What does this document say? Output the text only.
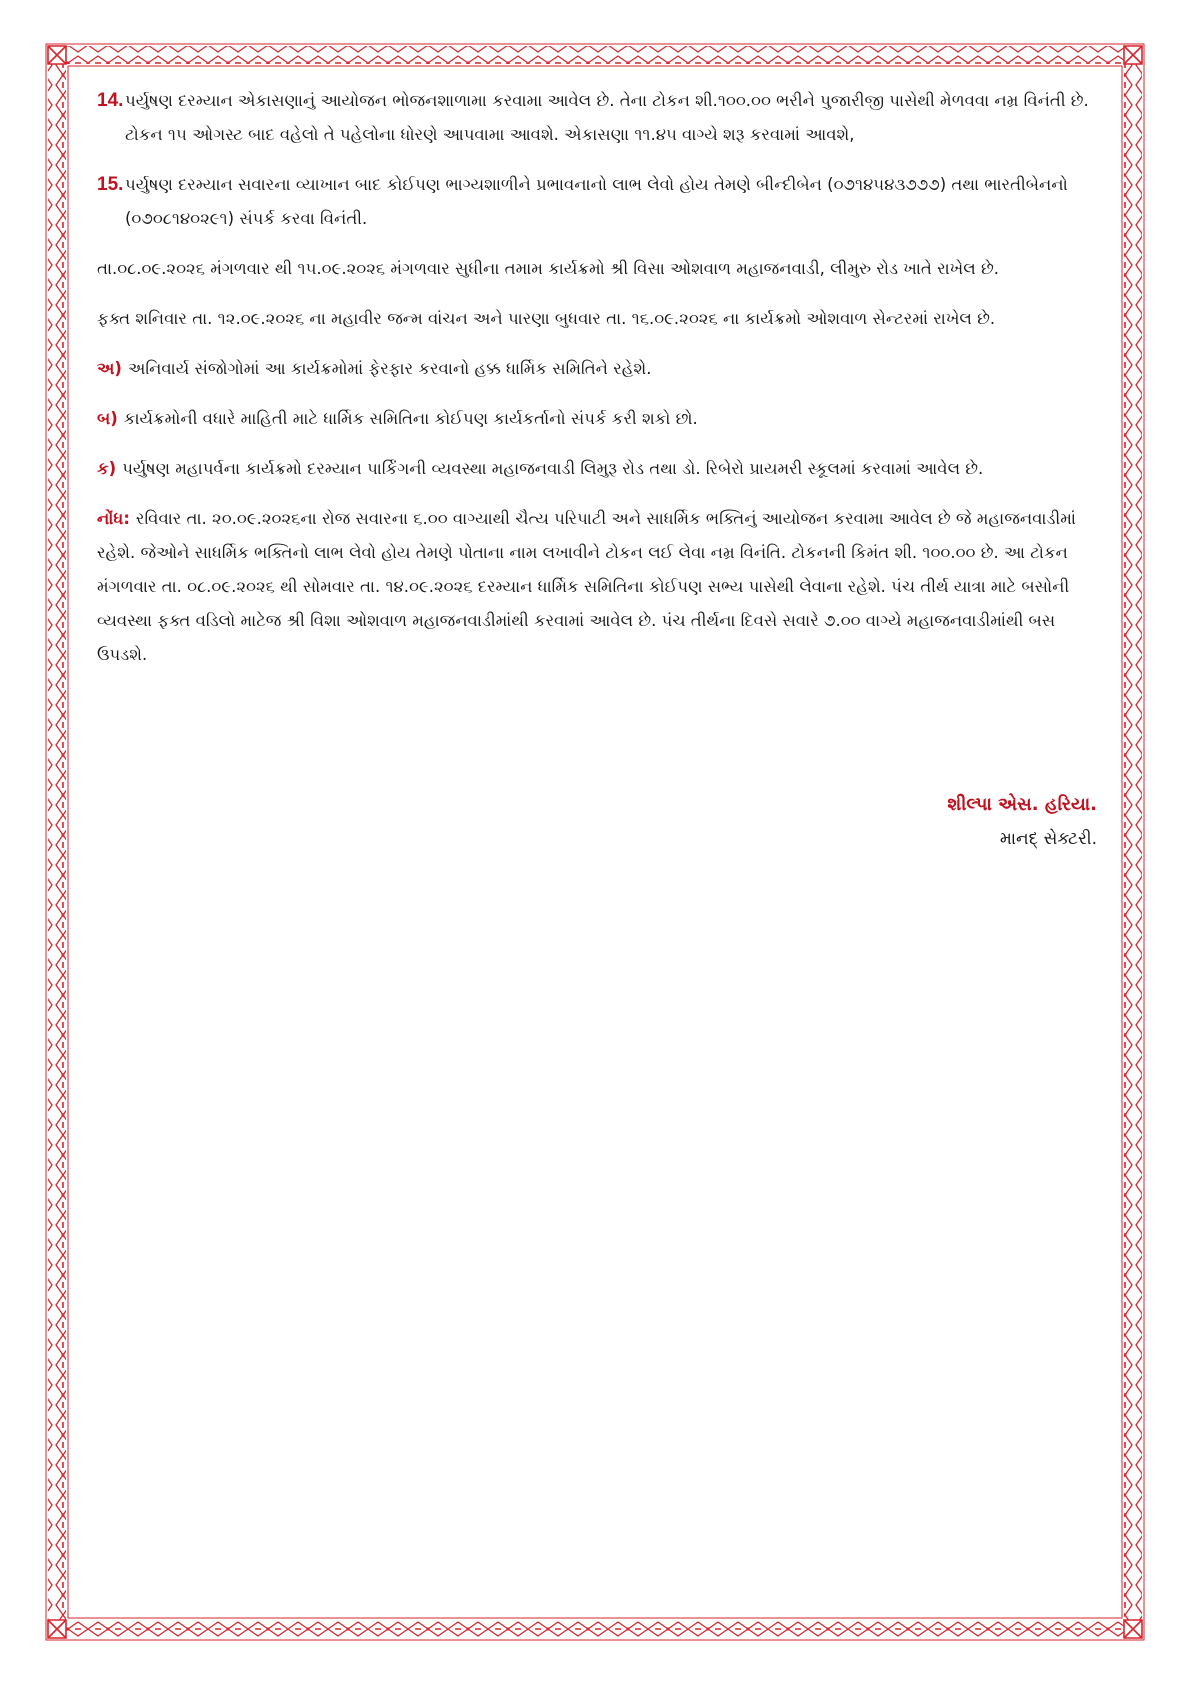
14. પર્યુષણ દરમ્યાન એકાસણાનું આયોજન ભોજનશાળામા કરવામા આવેલ છે. તેના ટોકન શી.૧૦૦.૦૦ ભરીને પુજારીજી પાસેથી મેળવવા નમ્ર વિનંતી છે. ટોકન ૧૫ ઓગસ્ટ બાદ વહેલો તે પહેલોના ધોરણે આપવામા આવશે. એકાસણા ૧૧.૪૫ વાગ્યે શરૂ કરવામાં આવશે,
15. પર્યુષણ દરમ્યાન સવારના વ્યાખાન બાદ કોઈપણ ભાગ્યશાળીને પ્રભાવનાનો લાભ લેવો હોય તેમણે બીન્દીબેન (૦૭૧૪૫૪૩૭૭૭) તથા ભારતીબેનનો (૦૭૦૮૧૪૦૨૯૧) સંપર્ક કરવા વિનંતી.

તા.૦૮.૦૯.૨૦૨૬ મંગળવાર થી ૧૫.૦૯.૨૦૨૬ મંગળવાર સુધીના તમામ કાર્યક્રમો શ્રી વિસા ઓશવાળ મહાજનવાડી, લીમુરુ રોડ ખાતે રાખેલ છે.

ફક્ત શનિવાર તા. ૧૨.૦૯.૨૦૨૬ ના મહાવીર જન્મ વાંચન અને પારણા બુધવાર તા. ૧૬.૦૯.૨૦૨૬ ના કાર્યક્રમો ઓશવાળ સેન્ટરમાં રાખેલ છે.

અ) અનિવાર્ય સંજોગોમાં આ કાર્યક્રમોમાં ફેરફાર કરવાનો હક્ક ધાર્મિક સમિતિને રહેશે.

બ) કાર્યક્રમોની વધારે માહિતી માટે ધાર્મિક સમિતિના કોઈપણ કાર્યકર્તાનો સંપર્ક કરી શકો છો.

ક) પર્યુષણ મહાપર્વના કાર્યક્રમો દરમ્યાન પાર્કિંગની વ્યવસ્થા મહાજનવાડી લિમુરૂ રોડ તથા ડો. રિબેરો પ્રાયમરી સ્કૂલમાં કરવામાં આવેલ છે.

નોંધ: રવિવાર તા. ૨૦.૦૯.૨૦૨૬ના રોજ સવારના ૬.૦૦ વાગ્યાથી ચૈત્ય પરિપાટી અને સાધર્મિક ભક્તિનું આયોજન કરવામા આવેલ છે જે મહાજનવાડીમાં રહેશે. જેઓને સાધર્મિક ભક્તિનો લાભ લેવો હોય તેમણે પોતાના નામ લખાવીને ટોકન લઈ લેવા નમ્ર વિનંતિ. ટોકનની કિમંત શી. ૧૦૦.૦૦ છે. આ ટોકન મંગળવાર તા. ૦૮.૦૯.૨૦૨૬ થી સોમવાર તા. ૧૪.૦૯.૨૦૨૬ દરમ્યાન ધાર્મિક સમિતિના કોઈપણ સભ્ય પાસેથી લેવાના રહેશે. પંચ તીર્થ યાત્રા માટે બસોની વ્યવસ્થા ફક્ત વડિલો માટેજ શ્રી વિશા ઓશવાળ મહાજનવાડીમાંથી કરવામાં આવેલ છે. પંચ તીર્થના દિવસે સવારે ૭.૦૦ વાગ્યે મહાજનવાડીમાંથી બસ ઉપડશે.

શીલ્પા એસ. હરિયા.
માનદ્ સેક્ટરી.
